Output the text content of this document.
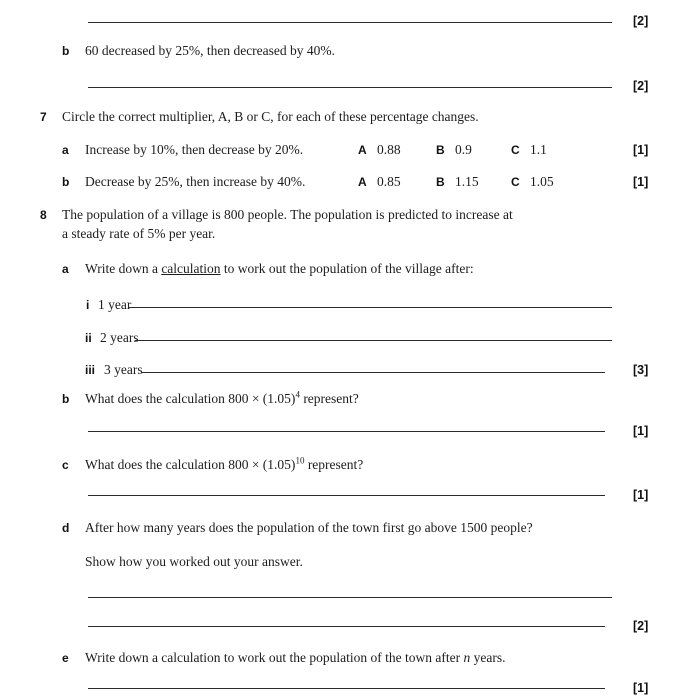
[2]
b 60 decreased by 25%, then decreased by 40%.
[2]
7 Circle the correct multiplier, A, B or C, for each of these percentage changes.
a Increase by 10%, then decrease by 20%.	A 0.88	B 0.9	C 1.1	[1]
b Decrease by 25%, then increase by 40%.	A 0.85	B 1.15	C 1.05	[1]
8 The population of a village is 800 people. The population is predicted to increase at
a steady rate of 5% per year.
a Write down a calculation to work out the population of the village after:
i 1 year
ii 2 years
iii 3 years	[3]
b What does the calculation $800 \times (1.05)^4$ represent?
[1]
c What does the calculation $800 \times (1.05)^{10}$ represent?
[1]
d After how many years does the population of the town first go above 1500 people?
Show how you worked out your answer.
[2]
e Write down a calculation to work out the population of the town after n years.
[1]
